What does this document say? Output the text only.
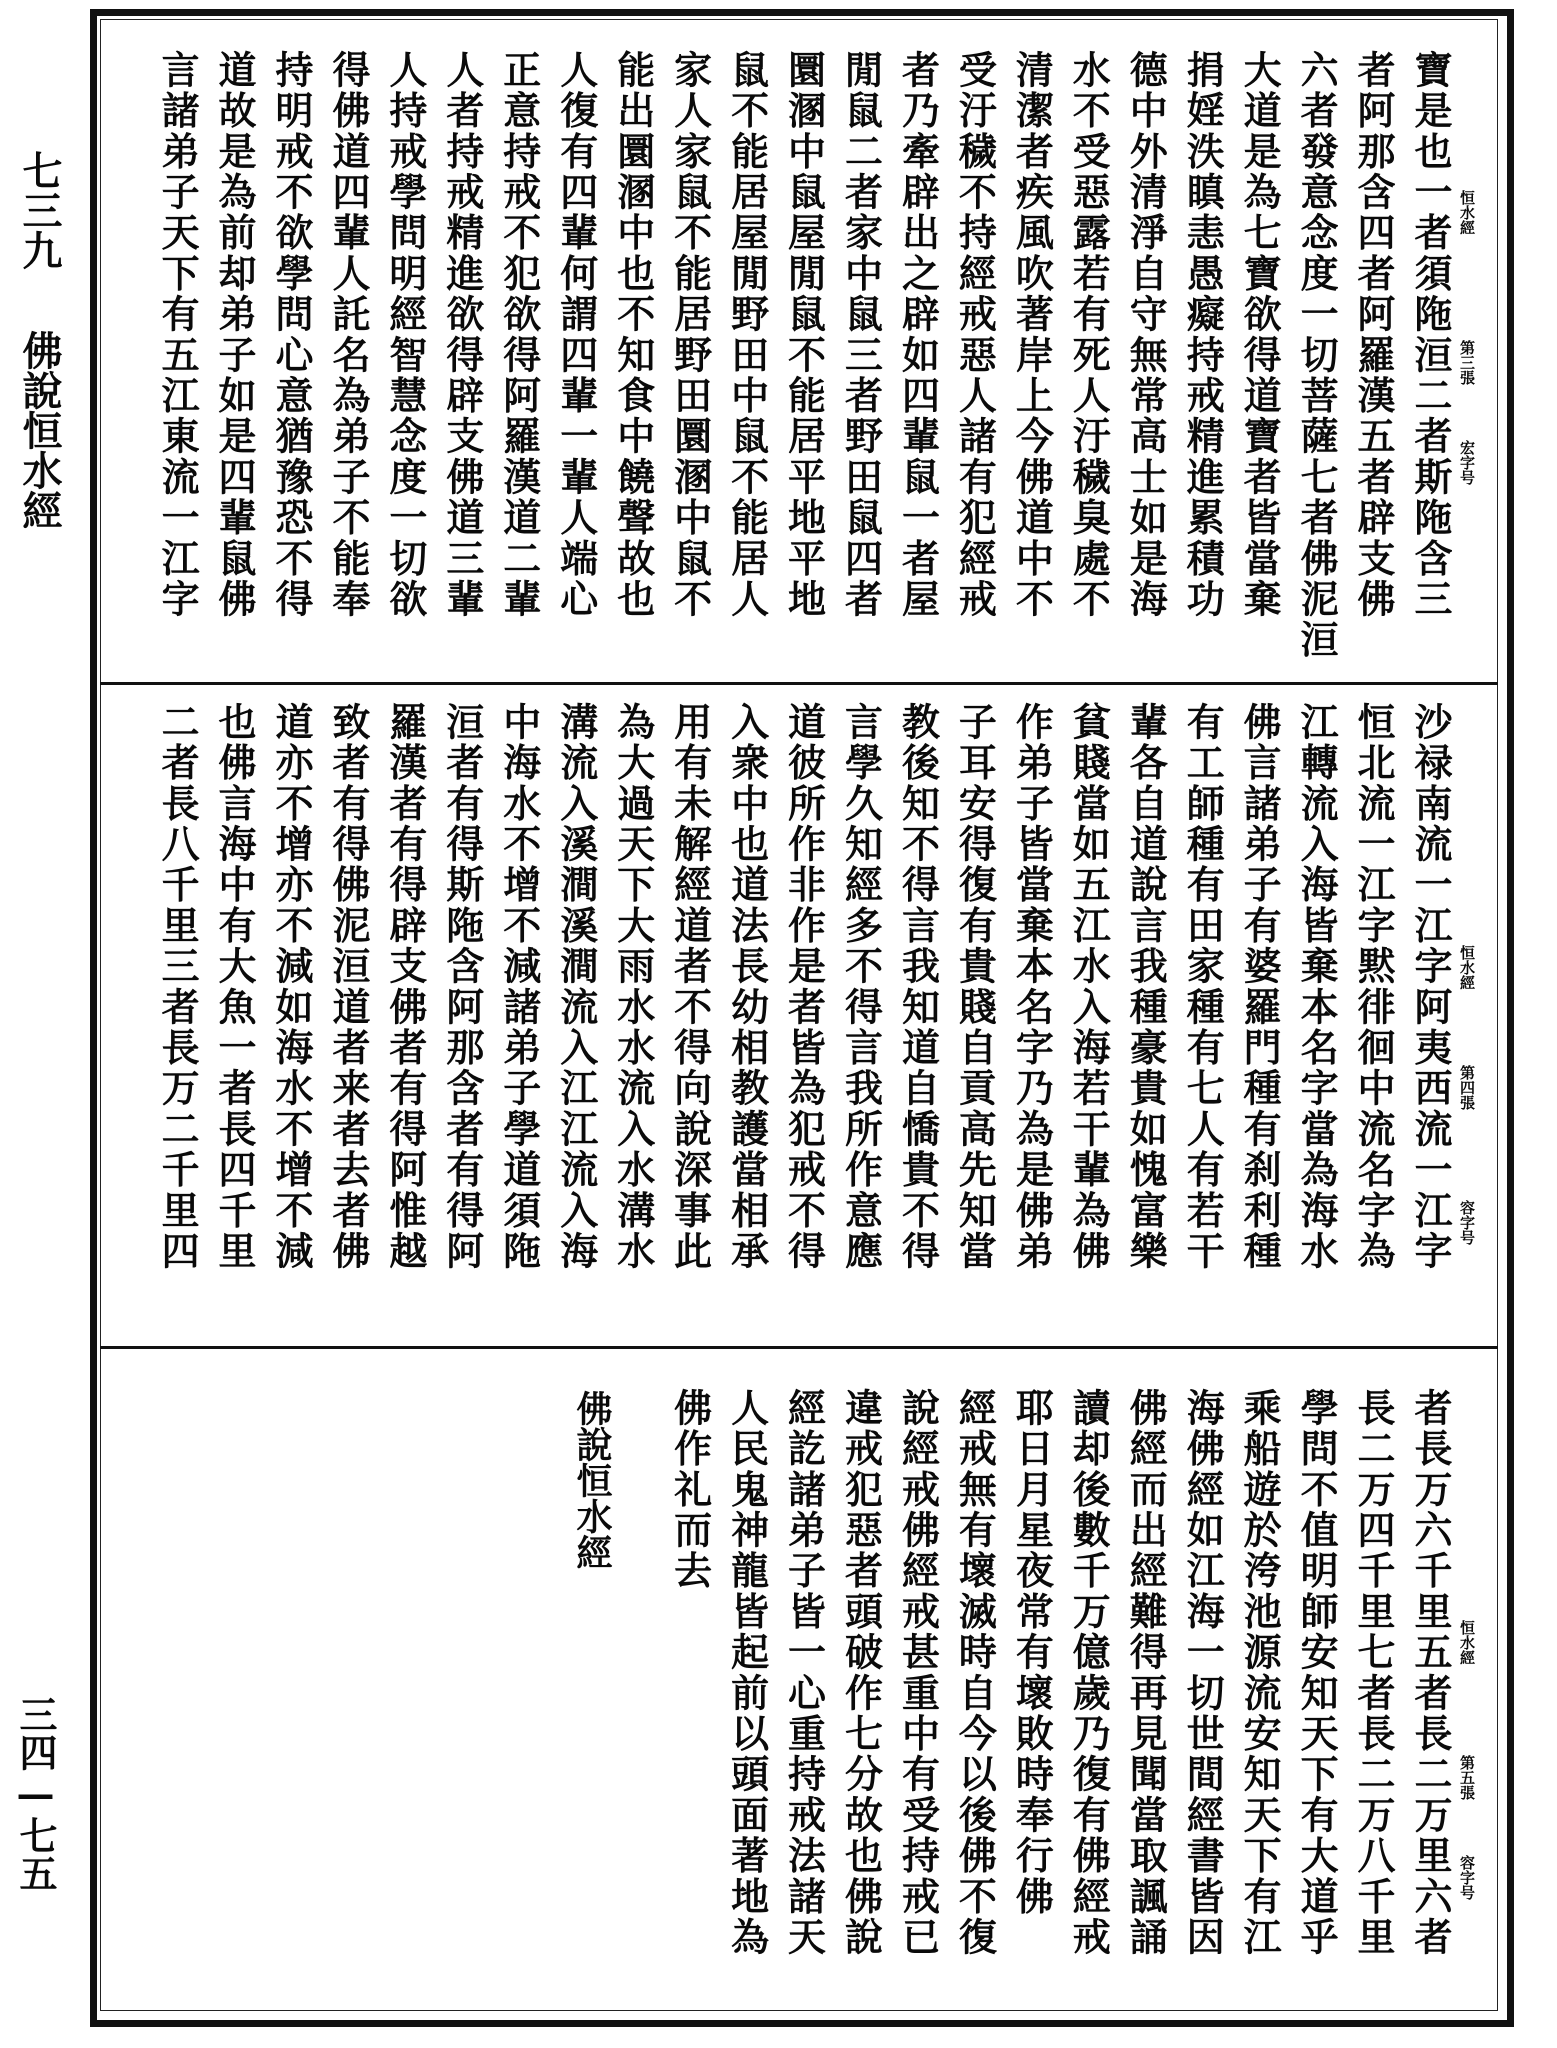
七三九
佛說恒水經
三四—七五
寶是也一者須陁洹二者斯陁含三
者阿那含四者阿羅漢五者辟支佛
六者發意念度一切菩薩七者佛泥洹
大道是為七寶欲得道寶者皆當棄
捐婬泆瞋恚愚癡持戒精進累積功
德中外清淨自守無常高士如是海
水不受惡露若有死人汙穢臭處不
清潔者疾風吹著岸上今佛道中不
受汙穢不持經戒惡人諸有犯經戒
者乃牽辟出之辟如四輩鼠一者屋
閒鼠二者家中鼠三者野田鼠四者
圜溷中鼠屋閒鼠不能居平地平地
鼠不能居屋閒野田中鼠不能居人
家人家鼠不能居野田圜溷中鼠不
能出圜溷中也不知食中饒聲故也
人復有四輩何謂四輩一輩人端心
正意持戒不犯欲得阿羅漢道二輩
人者持戒精進欲得辟支佛道三輩
人持戒學問明經智慧念度一切欲
得佛道四輩人託名為弟子不能奉
持明戒不欲學問心意猶豫恐不得
道故是為前却弟子如是四輩鼠佛
言諸弟子天下有五江東流一江字	恒水經
第三張
宏字号
沙禄南流一江字阿夷西流一江字
恒北流一江字黙徘徊中流名字為
江轉流入海皆棄本名字當為海水
佛言諸弟子有婆羅門種有刹利種
有工師種有田家種有七人有若干
輩各自道說言我種豪貴如愧富樂
貧賤當如五江水入海若干輩為佛
作弟子皆當棄本名字乃為是佛弟
子耳安得復有貴賤自貢高先知當
教後知不得言我知道自憍貴不得
言學久知經多不得言我所作意應
道彼所作非作是者皆為犯戒不得
入衆中也道法長幼相教護當相承
用有未解經道者不得向說深事此
為大過天下大雨水水流入水溝水
溝流入溪澗溪澗流入江江流入海
中海水不增不減諸弟子學道須陁
洹者有得斯陁含阿那含者有得阿
羅漢者有得辟支佛者有得阿惟越
致者有得佛泥洹道者来者去者佛
道亦不增亦不減如海水不增不減
也佛言海中有大魚一者長四千里
二者長八千里三者長万二千里四	恒水經
第四張
容字号
者長万六千里五者長二万里六者
長二万四千里七者長二万八千里
學問不值明師安知天下有大道乎
乘船遊於洿池源流安知天下有江
海佛經如江海一切世間經書皆因
佛經而出經難得再見聞當取諷誦
讀却後數千万億歲乃復有佛經戒
耶日月星夜常有壞敗時奉行佛
經戒無有壞滅時自今以後佛不復
說經戒佛經戒甚重中有受持戒已
違戒犯惡者頭破作七分故也佛說
經訖諸弟子皆一心重持戒法諸天
人民鬼神龍皆起前以頭面著地為
佛作礼而去
恒水經
第五張
容字号
佛說恒水經
